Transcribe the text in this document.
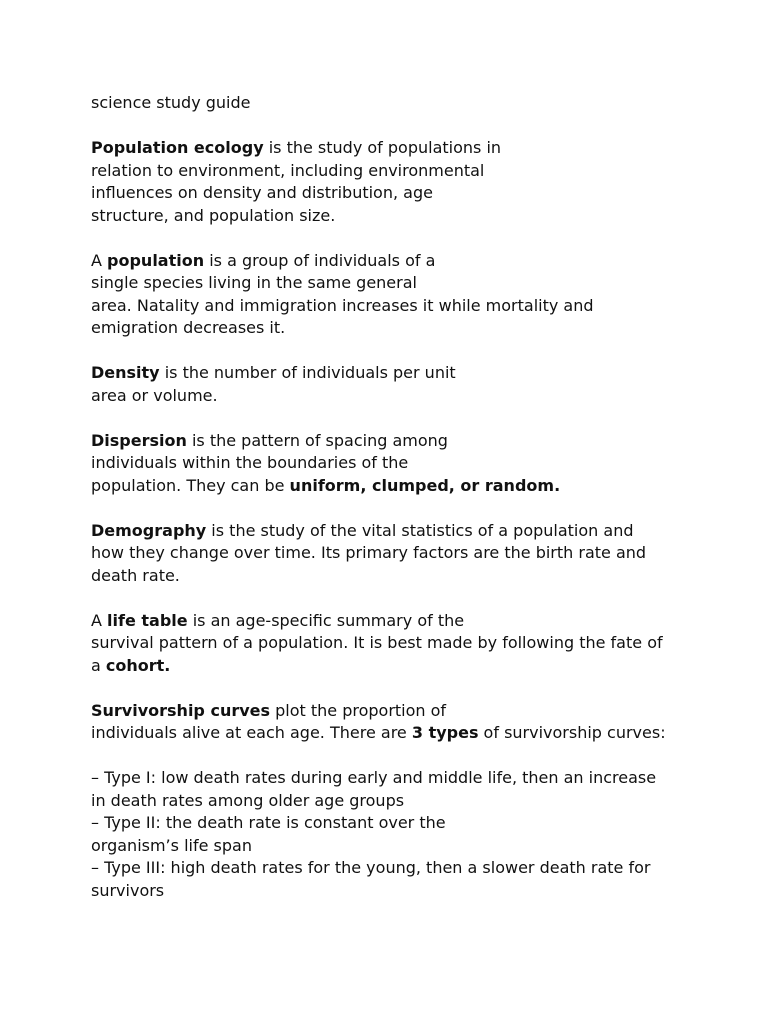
science study guide
Population ecology is the study of populations in
relation to environment, including environmental
influences on density and distribution, age
structure, and population size.
A population is a group of individuals of a
single species living in the same general
area. Natality and immigration increases it while mortality and
emigration decreases it.
Density is the number of individuals per unit
area or volume.
Dispersion is the pattern of spacing among
individuals within the boundaries of the
population. They can be uniform, clumped, or random.
Demography is the study of the vital statistics of a population and
how they change over time. Its primary factors are the birth rate and
death rate.
A life table is an age-specific summary of the
survival pattern of a population. It is best made by following the fate of
a cohort.
Survivorship curves plot the proportion of
individuals alive at each age. There are 3 types of survivorship curves:
– Type I: low death rates during early and middle life, then an increase
in death rates among older age groups
– Type II: the death rate is constant over the
organism’s life span
– Type III: high death rates for the young, then a slower death rate for
survivors
